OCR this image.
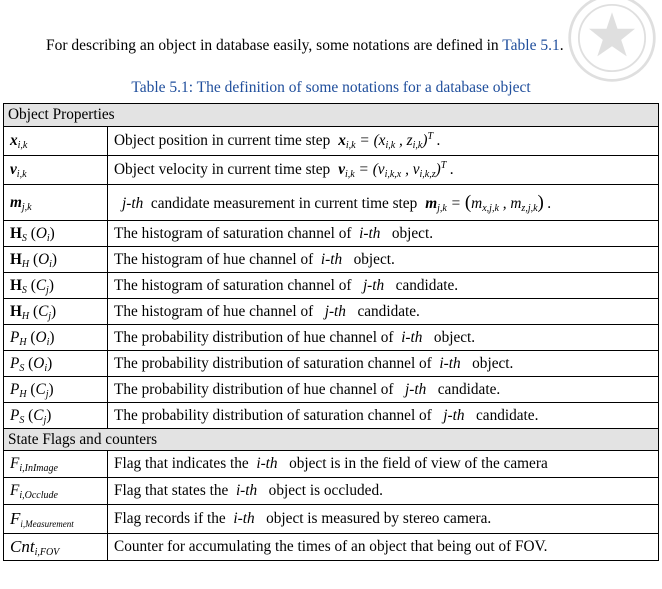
For describing an object in database easily, some notations are defined in Table 5.1.

Table 5.1: The definition of some notations for a database object

Object Properties	
$x_{i,k}$	Object position in current time step $x_{i,k} = (x_{i,k}$ , $z_{i,k})^T$ .
$v_{i,k}$	Object velocity in current time step $v_{i,k} = (v_{i,k,x}$ , $v_{i,k,z})^T$ .
$m_{j,k}$	j-th candidate measurement in current time step $m_{j,k} = (m_{x,j,k}$ , $m_{z,j,k}$) .
$H_S$ $(O_i)$	The histogram of saturation channel of i-th object.
$H_H$ $(O_i)$	The histogram of hue channel of i-th object.
$H_S$ $(C_j)$	The histogram of saturation channel of j-th candidate.
$H_H$ $(C_j)$	The histogram of hue channel of j-th candidate.
$P_H$ $(O_i)$	The probability distribution of hue channel of i-th object.
$P_S$ $(O_i)$	The probability distribution of saturation channel of i-th object.
$P_H$ $(C_j)$	The probability distribution of hue channel of j-th candidate.
$P_S$ $(C_j)$	The probability distribution of saturation channel of j-th candidate.
State Flags and counters	
$F_{i,InImage}$	Flag that indicates the i-th object is in the field of view of the camera
$F_{i,Occlude}$	Flag that states the i-th object is occluded.
$F_{i,Measurement}$	Flag records if the i-th object is measured by stereo camera.
Cnt$_{i,FOV}$	Counter for accumulating the times of an object that being out of FOV.
